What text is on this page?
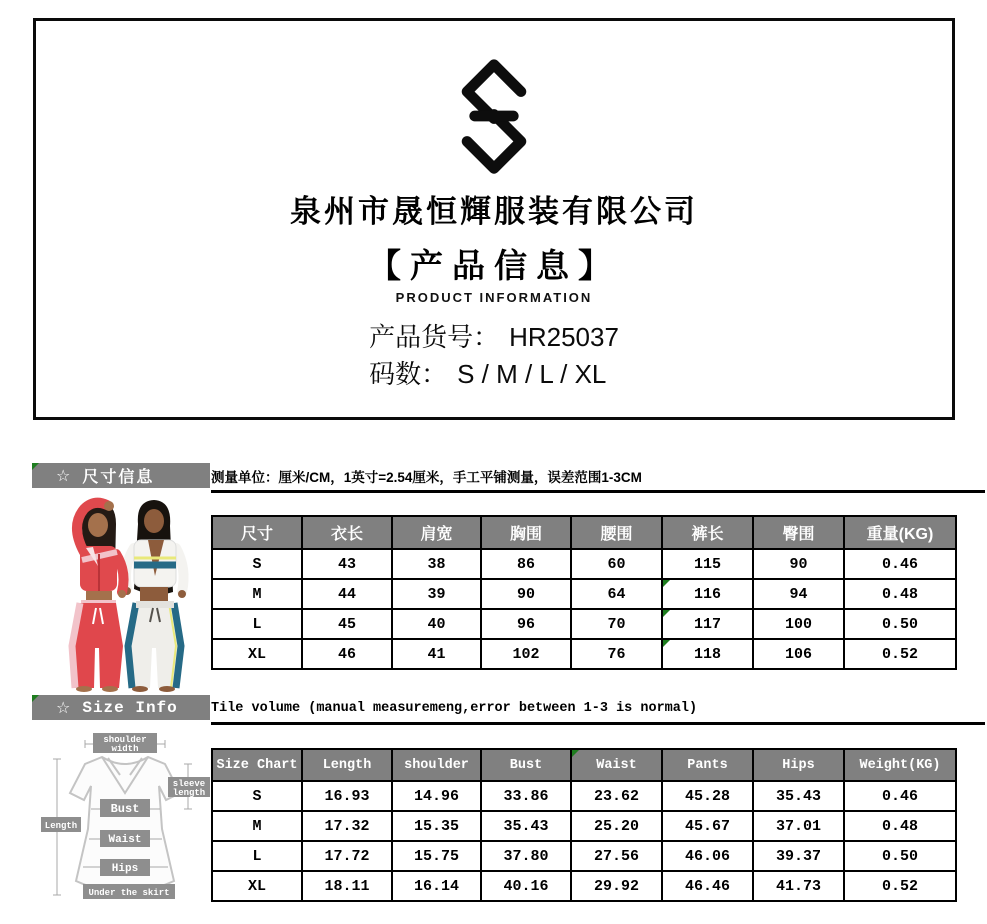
泉州市晟恒輝服装有限公司
【产品信息】
PRODUCT INFORMATION
产品货号： HR25037
码数： S / M / L / XL
☆ 尺寸信息	测量单位：厘米/CM，1英寸=2.54厘米，手工平铺测量，误差范围1-3CM
尺寸	衣长	肩宽	胸围	腰围	裤长	臀围	重量(KG)
S	43	38	86	60	115	90	0.46
M	44	39	90	64	116	94	0.48
L	45	40	96	70	117	100	0.50
XL	46	41	102	76	118	106	0.52
☆ Size Info Tile volume (manual measuremeng,error between 1-3 is normal)
shoulder
width
sleeve
length
Bust
Waist
Hips
Length
Under the skirt
Size Chart	Length	shoulder	Bust	Waist	Pants	Hips	Weight(KG)
S	16.93	14.96	33.86	23.62	45.28	35.43	0.46
M	17.32	15.35	35.43	25.20	45.67	37.01	0.48
L	17.72	15.75	37.80	27.56	46.06	39.37	0.50
XL	18.11	16.14	40.16	29.92	46.46	41.73	0.52
